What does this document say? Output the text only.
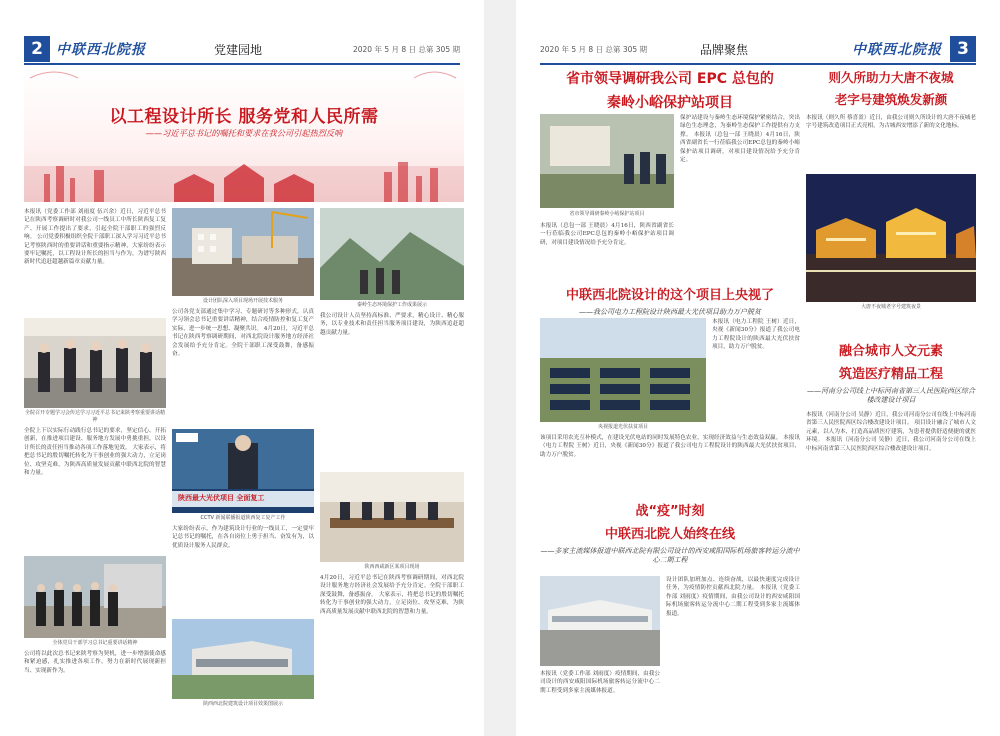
2 中联西北院报	党建园地	2020 年 5 月 8 日 总第 305 期
以工程设计所长 服务党和人民所需
——习近平总书记的嘱托和要求在我公司引起热烈反响
本报讯（党委工作部 刘雨度 伍兴余）近日，习近平总书记在陕西考察调研时对我公司一线员工中所长陕西复工复产、开展工作提出了要求，引起全院干部职工的强烈反响。 公司党委积极组织全院干部职工深入学习习近平总书记考察陕西时的重要讲话和重要指示精神，大家纷纷表示要牢记嘱托，以工程设计所长的担当与作为，为谱写陕西新时代追赶超越新篇章贡献力量。
全院召开专题学习会传达学习习近平总书记来陕考察重要讲话精神
全院上下以实际行动践行总书记的要求，坚定信心、开拓创新，在推进项目建设、服务地方发展中勇挑重担，以设计所长的责任担当推动各项工作落地见效。 大家表示，将把总书记的殷切嘱托转化为干事创业的强大动力，立足岗位、攻坚克难，为陕西高质量发展贡献中联西北院的智慧和力量。
全体党员干部学习总书记重要讲话精神
公司将以此次总书记来陕考察为契机，进一步增强使命感和紧迫感，扎实推进各项工作，努力在新时代展现新担当、实现新作为。
设计团队深入项目现场开展技术服务
公司各党支部通过集中学习、专题研讨等多种形式，认真学习领会总书记重要讲话精神，结合疫情防控和复工复产实际，进一步统一思想、凝聚共识。 4月20日，习近平总书记在陕西考察调研期间，对西北院设计服务地方经济社会发展给予充分肯定。全院干部职工深受鼓舞，备感振奋。
陕西最大光伏项目 全面复工
CCTV 新闻联播报道陕西复工复产工作
大家纷纷表示，作为建筑设计行业的一线员工，一定要牢记总书记的嘱托，在各自岗位上勇于担当、奋发有为，以优质设计服务人民群众。
陕西西北院建筑设计项目效果图展示
秦岭生态环境保护工作成果展示
我公司设计人员坚持高标准、严要求，精心设计、精心服务，以专业技术和责任担当服务项目建设，为陕西追赶超越贡献力量。
陕西西咸新区某项目现场
4月20日，习近平总书记在陕西考察调研期间，对西北院设计服务地方经济社会发展给予充分肯定。全院干部职工深受鼓舞，备感振奋。 大家表示，将把总书记的殷切嘱托转化为干事创业的强大动力，立足岗位、攻坚克难，为陕西高质量发展贡献中联西北院的智慧和力量。
2020 年 5 月 8 日 总第 305 期	品牌聚焦	中联西北院报 3
省市领导调研我公司 EPC 总包的
秦岭小峪保护站项目
则久所助力大唐不夜城
老字号建筑焕发新颜
本报讯（则久所 蔡喜盈）近日，由我公司则久所设计的大唐不夜城老字号建筑改造项目正式亮相，为古城西安增添了新的文化地标。
大唐不夜城老字号建筑夜景
省市领导调研秦岭小峪保护站项目
本报讯（总包一部 王晓晨）4月16日，陕西省副省长一行莅临我公司EPC总包的秦岭小峪保护站项目调研，对项目建设情况给予充分肯定。
保护站建设与秦岭生态环境保护紧密结合，突出绿色生态理念，为秦岭生态保护工作提供有力支撑。 本报讯（总包一部 王晓晨）4月16日，陕西省副省长一行莅临我公司EPC总包的秦岭小峪保护站项目调研，对项目建设情况给予充分肯定。
中联西北院设计的这个项目上央视了
——我公司电力工程院设计陕西最大光伏项目助力万户脱贫
央视报道光伏扶贫项目
本报讯（电力工程院 王树）近日，央视《新闻30分》报道了我公司电力工程院设计的陕西最大光伏扶贫项目，助力万户脱贫。
该项目采用农光互补模式，在建设光伏电站的同时发展特色农业，实现经济效益与生态效益双赢。 本报讯（电力工程院 王树）近日，央视《新闻30分》报道了我公司电力工程院设计的陕西最大光伏扶贫项目，助力万户脱贫。
战“疫”时刻
中联西北院人始终在线
——多家主流媒体报道中联西北院有限公司设计的西安咸阳国际机场旅客转运分流中心二期工程
本报讯（党委工作部 刘雨度）疫情期间，由我公司设计的西安咸阳国际机场旅客转运分流中心二期工程受到多家主流媒体报道。
设计团队加班加点、连续奋战，以最快速度完成设计任务，为疫情防控贡献西北院力量。 本报讯（党委工作部 刘雨度）疫情期间，由我公司设计的西安咸阳国际机场旅客转运分流中心二期工程受到多家主流媒体报道。
融合城市人文元素
筑造医疗精品工程
——河南分公司线上中标河南省第三人民医院西区综合楼改建设计项目
本报讯（河南分公司 吴静）近日，我公司河南分公司在线上中标河南省第三人民医院西区综合楼改建设计项目。 项目设计融合了城市人文元素，以人为本，打造高品质医疗建筑，为患者提供舒适便捷的就医环境。 本报讯（河南分公司 吴静）近日，我公司河南分公司在线上中标河南省第三人民医院西区综合楼改建设计项目。
